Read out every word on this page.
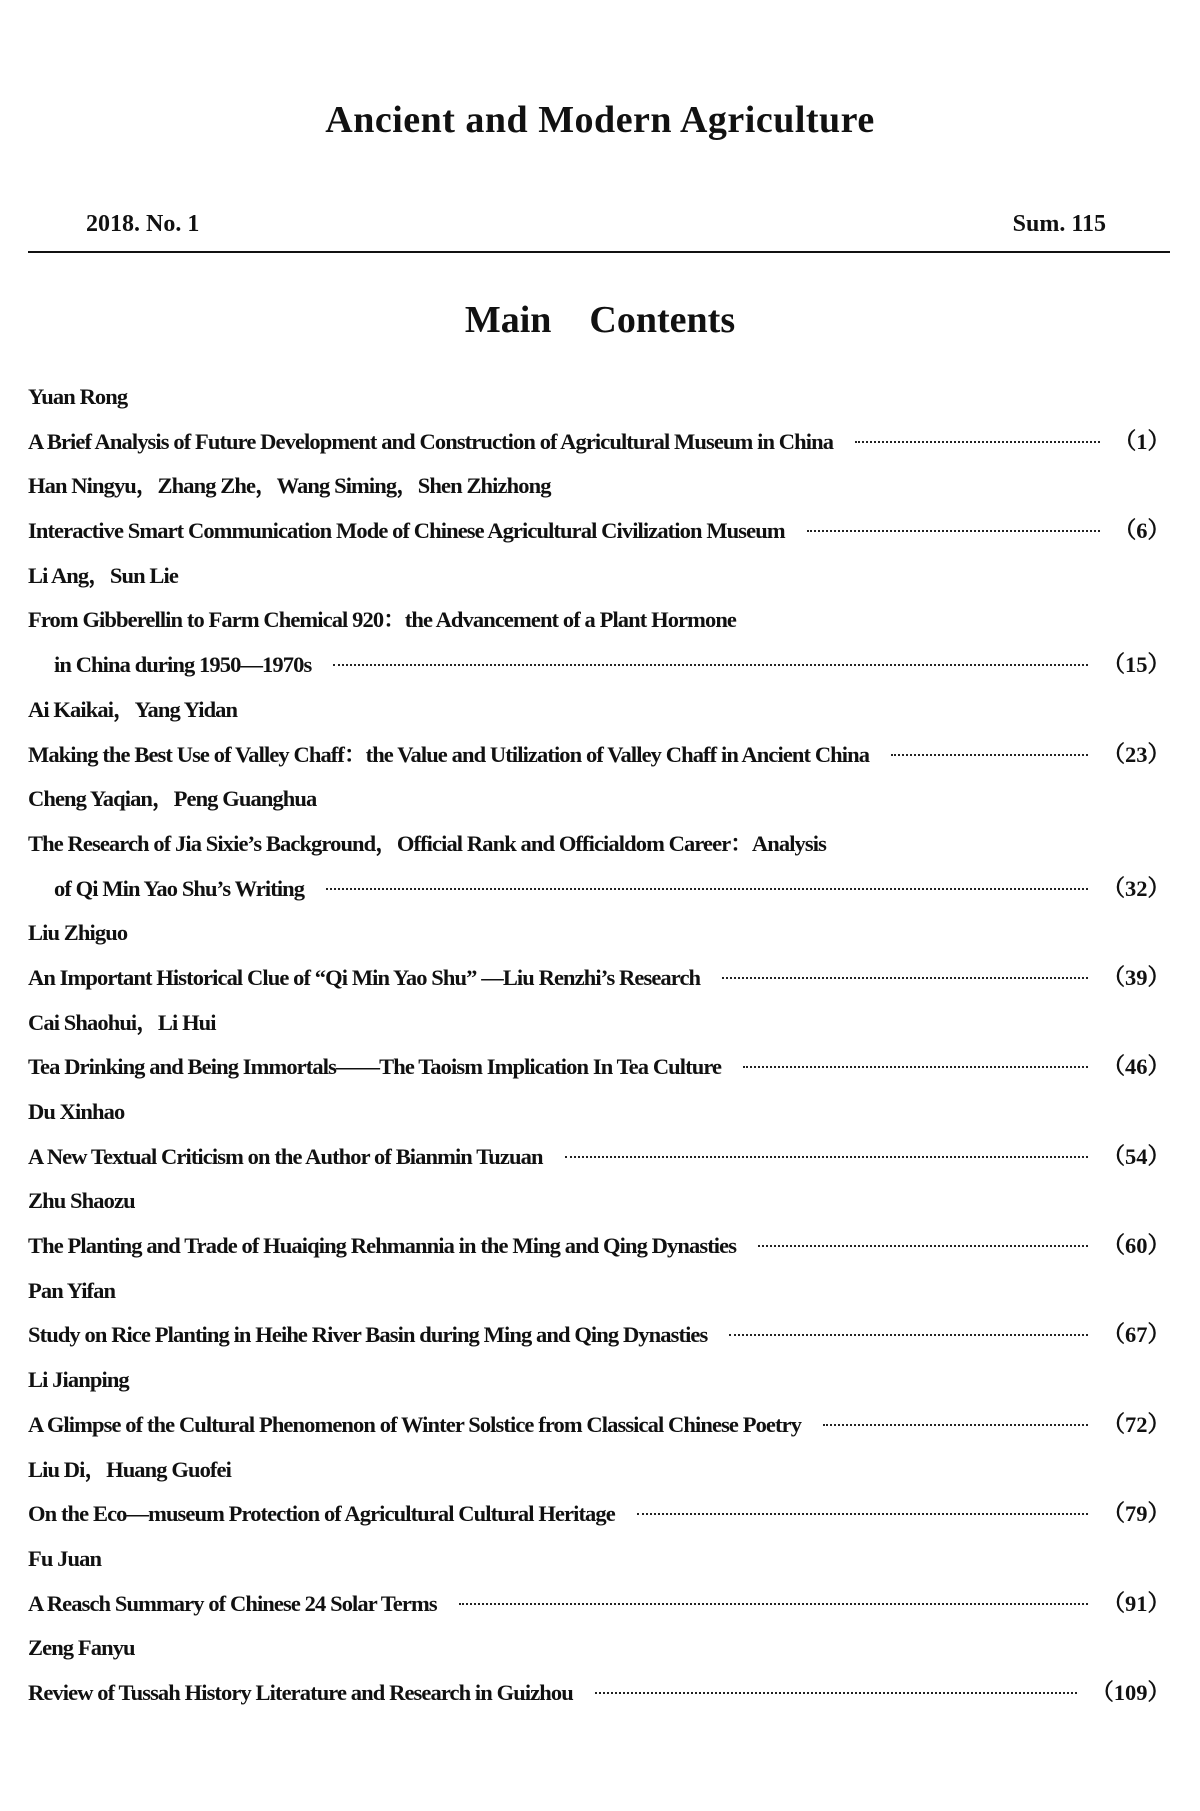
Ancient and Modern Agriculture
2018. No. 1	Sum. 115
Main    Contents
Yuan Rong
A Brief Analysis of Future Development and Construction of Agricultural Museum in China	（1）
Han Ningyu，Zhang Zhe，Wang Siming，Shen Zhizhong
Interactive Smart Communication Mode of Chinese Agricultural Civilization Museum	（6）
Li Ang，Sun Lie
From Gibberellin to Farm Chemical 920：the Advancement of a Plant Hormone
in China during 1950—1970s	（15）
Ai Kaikai，Yang Yidan
Making the Best Use of Valley Chaff：the Value and Utilization of Valley Chaff in Ancient China	（23）
Cheng Yaqian，Peng Guanghua
The Research of Jia Sixie’s Background，Official Rank and Officialdom Career：Analysis
of Qi Min Yao Shu’s Writing	（32）
Liu Zhiguo
An Important Historical Clue of “Qi Min Yao Shu” —Liu Renzhi’s Research	（39）
Cai Shaohui，Li Hui
Tea Drinking and Being Immortals——The Taoism Implication In Tea Culture	（46）
Du Xinhao
A New Textual Criticism on the Author of Bianmin Tuzuan	（54）
Zhu Shaozu
The Planting and Trade of Huaiqing Rehmannia in the Ming and Qing Dynasties	（60）
Pan Yifan
Study on Rice Planting in Heihe River Basin during Ming and Qing Dynasties	（67）
Li Jianping
A Glimpse of the Cultural Phenomenon of Winter Solstice from Classical Chinese Poetry	（72）
Liu Di，Huang Guofei
On the Eco—museum Protection of Agricultural Cultural Heritage	（79）
Fu Juan
A Reasch Summary of Chinese 24 Solar Terms	（91）
Zeng Fanyu
Review of Tussah History Literature and Research in Guizhou	（109）
